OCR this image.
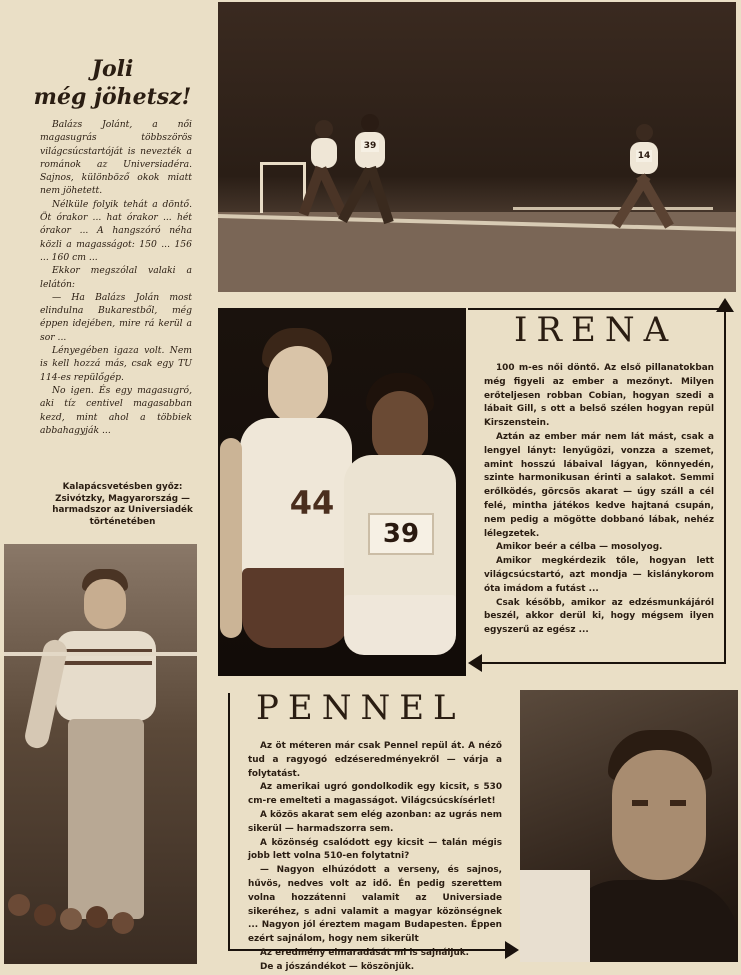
Joli
még jöhetsz!

Balázs Jolánt, a női magasugrás többszörös világcsúcstartóját is nevezték a románok az Universiadéra. Sajnos, különböző okok miatt nem jöhetett.

Nélküle folyik tehát a döntő. Öt órakor ... hat órakor ... hét órakor ... A hangszóró néha közli a magasságot: 150 ... 156 ... 160 cm ...

Ekkor megszólal valaki a lelátón:

— Ha Balázs Jolán most elindulna Bukarestből, még éppen idejében, mire rá kerül a sor ...

Lényegében igaza volt. Nem is kell hozzá más, csak egy TU 114-es repülőgép.

No igen. És egy magasugró, aki tíz centivel magasabban kezd, mint ahol a többiek abbahagyják ...

Kalapácsvetésben győz: Zsivótzky, Magyarország — harmadszor az Universiadék történetében
39
14
44
39
IRENA

100 m-es női döntő. Az első pillanatokban még figyeli az ember a mezőnyt. Milyen erőteljesen robban Cobian, hogyan szedi a lábait Gill, s ott a belső szélen hogyan repül Kirszenstein.

Aztán az ember már nem lát mást, csak a lengyel lányt: lenyűgözi, vonzza a szemet, amint hosszú lábaival lágyan, könnyedén, szinte harmonikusan érinti a salakot. Semmi erőlködés, görcsös akarat — úgy száll a cél felé, mintha játékos kedve hajtaná csupán, nem pedig a mögötte dobbanó lábak, nehéz lélegzetek.

Amikor beér a célba — mosolyog.

Amikor megkérdezik tőle, hogyan lett világcsúcstartó, azt mondja — kislánykorom óta imádom a futást ...

Csak később, amikor az edzésmunkájáról beszél, akkor derül ki, hogy mégsem ilyen egyszerű az egész ...

PENNEL

Az öt méteren már csak Pennel repül át. A néző tud a ragyogó edzéseredményekről — várja a folytatást.

Az amerikai ugró gondolkodik egy kicsit, s 530 cm-re emelteti a magasságot. Világcsúcskísérlet!

A közös akarat sem elég azonban: az ugrás nem sikerül — harmadszorra sem.

A közönség csalódott egy kicsit — talán mégis jobb lett volna 510-en folytatni?

— Nagyon elhúzódott a verseny, és sajnos, hűvös, nedves volt az idő. Én pedig szerettem volna hozzátenni valamit az Universiade sikeréhez, s adni valamit a magyar közönségnek ... Nagyon jól éreztem magam Budapesten. Éppen ezért sajnálom, hogy nem sikerült

Az eredmény elmaradását mi is sajnáljuk.

De a jószándékot — köszönjük.
